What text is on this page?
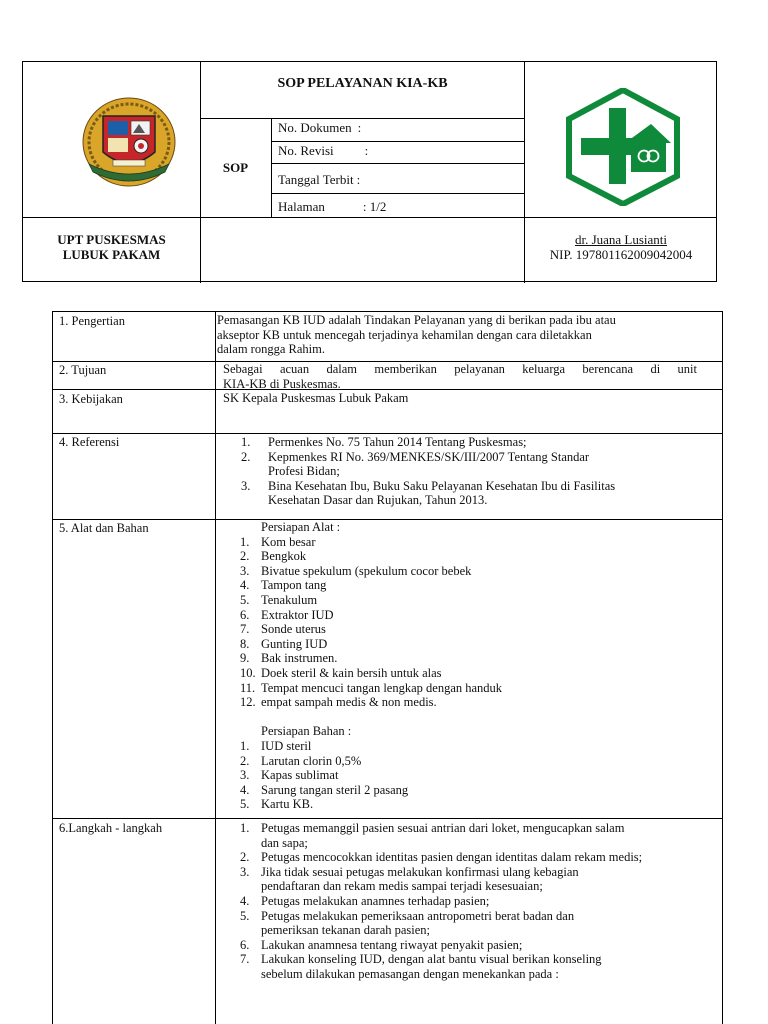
SOP PELAYANAN KIA-KB
SOP
No. Dokumen :
No. Revisi :
Tanggal Terbit :
Halaman	: 1/2
UPT PUSKESMAS
LUBUK PAKAM
dr. Juana Lusianti
NIP. 197801162009042004
1. Pengertian	Pemasangan KB IUD adalah Tindakan Pelayanan yang di berikan pada ibu atau
akseptor KB untuk mencegah terjadinya kehamilan dengan cara diletakkan
dalam rongga Rahim.
2. Tujuan	Sebagai acuan dalam memberikan pelayanan keluarga berencana di unit
KIA-KB di Puskesmas.
3. Kebijakan	SK Kepala Puskesmas Lubuk Pakam
4. Referensi	1. Permenkes No. 75 Tahun 2014 Tentang Puskesmas;
2. Kepmenkes RI No. 369/MENKES/SK/III/2007 Tentang Standar
Profesi Bidan;
3. Bina Kesehatan Ibu, Buku Saku Pelayanan Kesehatan Ibu di Fasilitas
Kesehatan Dasar dan Rujukan, Tahun 2013.
5. Alat dan Bahan	Persiapan Alat :
1. Kom besar
2. Bengkok
3. Bivatue spekulum (spekulum cocor bebek
4. Tampon tang
5. Tenakulum
6. Extraktor IUD
7. Sonde uterus
8. Gunting IUD
9. Bak instrumen.
10. Doek steril & kain bersih untuk alas
11. Tempat mencuci tangan lengkap dengan handuk
12. empat sampah medis & non medis.
Persiapan Bahan :
1. IUD steril
2. Larutan clorin 0,5%
3. Kapas sublimat
4. Sarung tangan steril 2 pasang
5. Kartu KB.
6.Langkah - langkah	1. Petugas memanggil pasien sesuai antrian dari loket, mengucapkan salam
dan sapa;
2. Petugas mencocokkan identitas pasien dengan identitas dalam rekam medis;
3. Jika tidak sesuai petugas melakukan konfirmasi ulang kebagian
pendaftaran dan rekam medis sampai terjadi kesesuaian;
4. Petugas melakukan anamnes terhadap pasien;
5. Petugas melakukan pemeriksaan antropometri berat badan dan
pemeriksan tekanan darah pasien;
6. Lakukan anamnesa tentang riwayat penyakit pasien;
7. Lakukan konseling IUD, dengan alat bantu visual berikan konseling
sebelum dilakukan pemasangan dengan menekankan pada :
